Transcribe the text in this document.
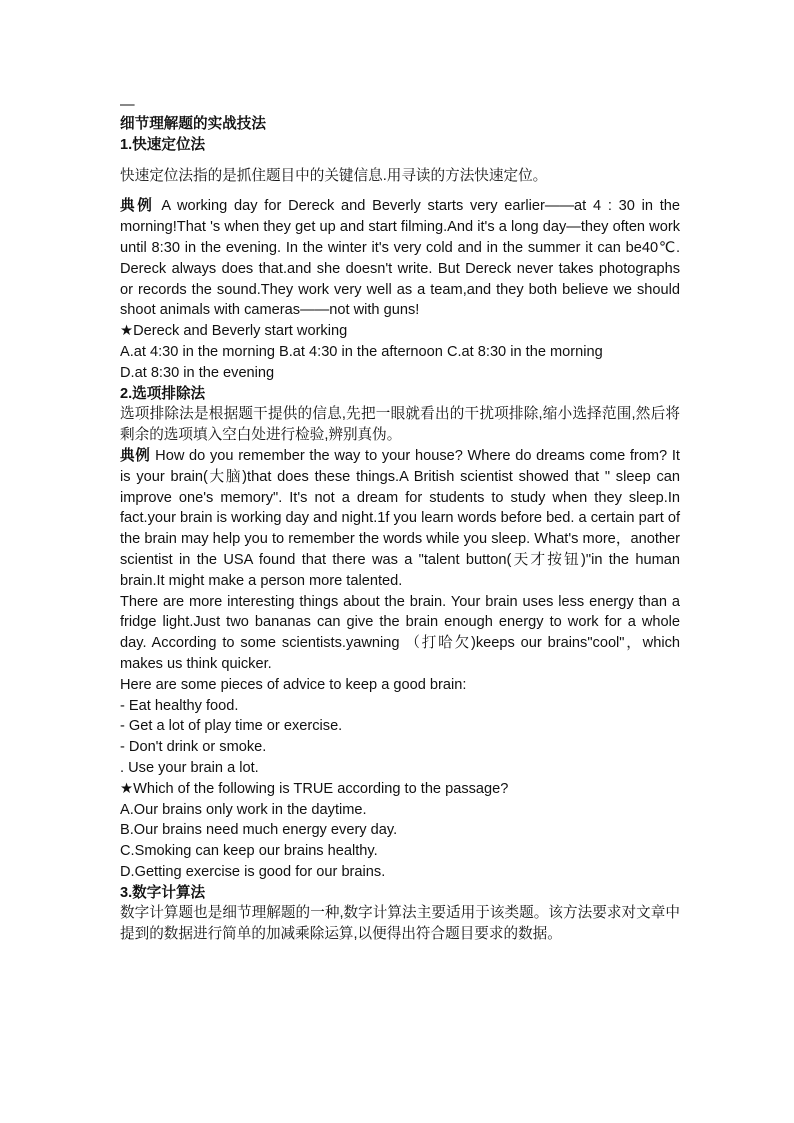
—

细节理解题的实战技法

1.快速定位法

快速定位法指的是抓住题目中的关键信息.用寻读的方法快速定位。

典例 A working day for Dereck and Beverly starts very earlier——at 4 : 30 in the morning!That 's when they get up and start filming.And it's a long day—they often work until 8:30 in the evening. In the winter it's very cold and in the summer it can be40℃. Dereck always does that.and she doesn't write. But Dereck never takes photographs or records the sound.They work very well as a team,and they both believe we should shoot animals with cameras——not with guns!

★Dereck and Beverly start working

A.at 4:30 in the morning B.at 4:30 in the afternoon C.at 8:30 in the morning

D.at 8:30 in the evening

2.选项排除法

选项排除法是根据题干提供的信息,先把一眼就看出的干扰项排除,缩小选择范围,然后将剩余的选项填入空白处进行检验,辨别真伪。

典例 How do you remember the way to your house? Where do dreams come from? It is your brain(大脑)that does these things.A British scientist showed that " sleep can improve one's memory". It's not a dream for students to study when they sleep.In fact.your brain is working day and night.1f you learn words before bed. a certain part of the brain may help you to remember the words while you sleep. What's more，another scientist in the USA found that there was a "talent button(天才按钮)"in the human brain.It might make a person more talented.

There are more interesting things about the brain. Your brain uses less energy than a fridge light.Just two bananas can give the brain enough energy to work for a whole day. According to some scientists.yawning （打哈欠)keeps our brains"cool"，which makes us think quicker.

Here are some pieces of advice to keep a good brain:

- Eat healthy food.

- Get a lot of play time or exercise.

- Don't drink or smoke.

. Use your brain a lot.

★Which of the following is TRUE according to the passage?

A.Our brains only work in the daytime.

B.Our brains need much energy every day.

C.Smoking can keep our brains healthy.

D.Getting exercise is good for our brains.

3.数字计算法

数字计算题也是细节理解题的一种,数字计算法主要适用于该类题。该方法要求对文章中提到的数据进行简单的加减乘除运算,以便得出符合题目要求的数据。
